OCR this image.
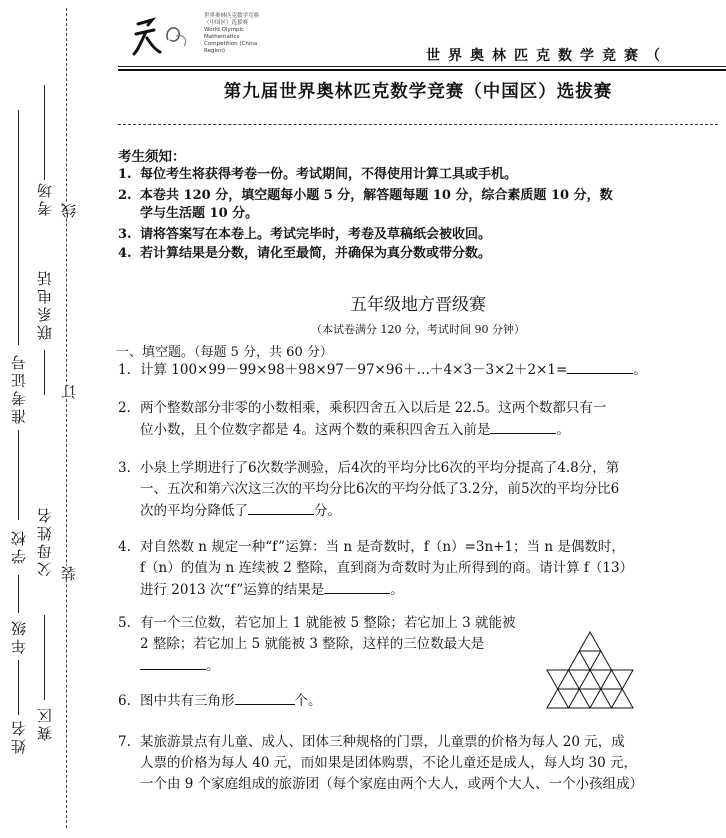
考场
联系电话
父母姓名
赛区
准考证号
学校
年级
姓名
线
订
装
世界奥林匹克数学竞赛
（中国区）选拔赛
World Olympic Mathematics
Competition (China Region)	世界奥林匹克数学竞赛（
第九届世界奥林匹克数学竞赛（中国区）选拔赛
考生须知：
1. 每位考生将获得考卷一份。考试期间，不得使用计算工具或手机。
2. 本卷共 120 分，填空题每小题 5 分，解答题每题 10 分，综合素质题 10 分，数
学与生活题 10 分。
3. 请将答案写在本卷上。考试完毕时，考卷及草稿纸会被收回。
4. 若计算结果是分数，请化至最简，并确保为真分数或带分数。
五年级地方晋级赛
（本试卷满分 120 分，考试时间 90 分钟）
一、填空题。（每题 5 分，共 60 分）
1. 计算 100×99－99×98＋98×97－97×96＋…＋4×3－3×2＋2×1=	。
2. 两个整数部分非零的小数相乘，乘积四舍五入以后是 22.5。这两个数都只有一
位小数，且个位数字都是 4。这两个数的乘积四舍五入前是	。
3. 小泉上学期进行了6次数学测验，后4次的平均分比6次的平均分提高了4.8分，第
一、五次和第六次这三次的平均分比6次的平均分低了3.2分，前5次的平均分比6
次的平均分降低了	分。
4. 对自然数 n 规定一种“f”运算：当 n 是奇数时，f（n）=3n+1；当 n 是偶数时，
f（n）的值为 n 连续被 2 整除，直到商为奇数时为止所得到的商。请计算 f（13）
进行 2013 次“f”运算的结果是	。
5. 有一个三位数，若它加上 1 就能被 5 整除；若它加上 3 就能被
2 整除；若它加上 5 就能被 3 整除，这样的三位数最大是
。
6. 图中共有三角形	个。
7. 某旅游景点有儿童、成人、团体三种规格的门票，儿童票的价格为每人 20 元，成
人票的价格为每人 40 元，而如果是团体购票，不论儿童还是成人，每人均 30 元，
一个由 9 个家庭组成的旅游团（每个家庭由两个大人，或两个大人、一个小孩组成）
